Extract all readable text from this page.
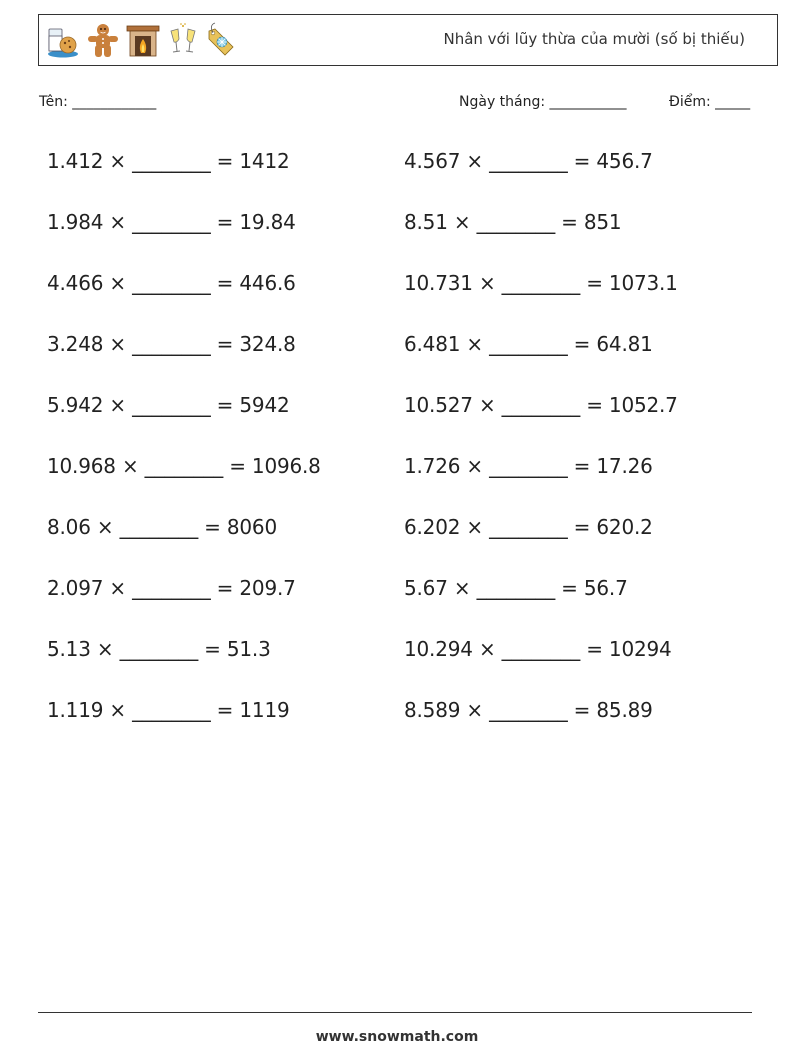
Nhân với lũy thừa của mười (số bị thiếu)
Tên: ____________	Ngày tháng: ___________	Điểm: _____
1.412 × ________ = 1412
1.984 × ________ = 19.84
4.466 × ________ = 446.6
3.248 × ________ = 324.8
5.942 × ________ = 5942
10.968 × ________ = 1096.8
8.06 × ________ = 8060
2.097 × ________ = 209.7
5.13 × ________ = 51.3
1.119 × ________ = 1119
4.567 × ________ = 456.7
8.51 × ________ = 851
10.731 × ________ = 1073.1
6.481 × ________ = 64.81
10.527 × ________ = 1052.7
1.726 × ________ = 17.26
6.202 × ________ = 620.2
5.67 × ________ = 56.7
10.294 × ________ = 10294
8.589 × ________ = 85.89
www.snowmath.com
